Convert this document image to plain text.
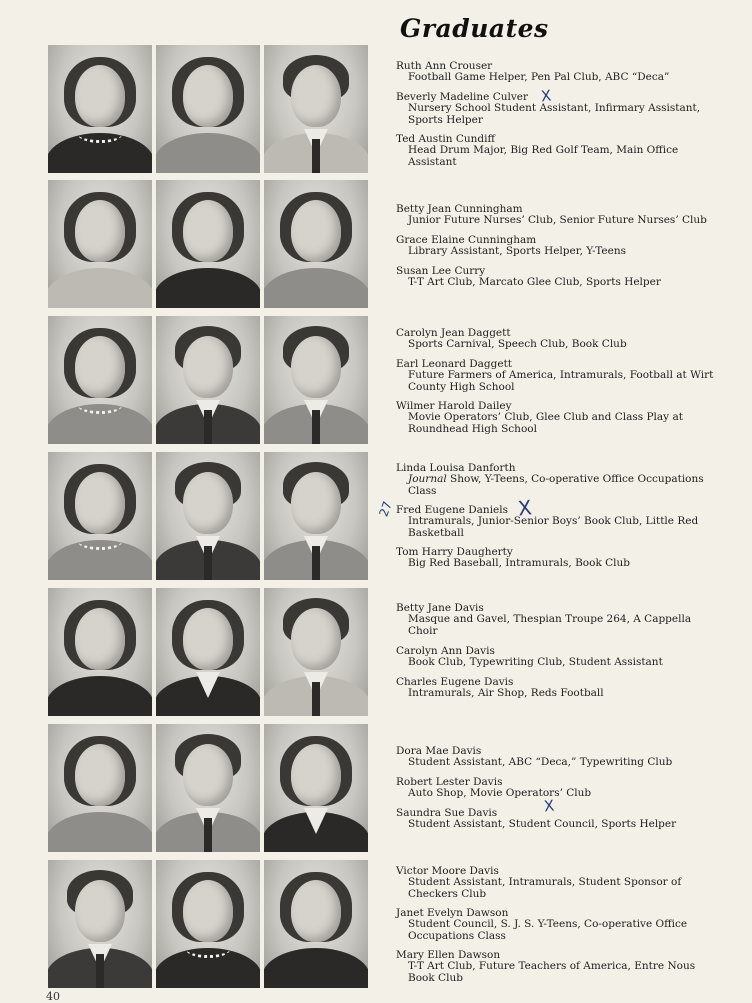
Graduates

Ruth Ann Crouser

Football Game Helper, Pen Pal Club, ABC “Deca”

Beverly Madeline Culver

Nursery School Student Assistant, Infirmary Assistant, Sports Helper

Ted Austin Cundiff

Head Drum Major, Big Red Golf Team, Main Office Assistant

Betty Jean Cunningham

Junior Future Nurses’ Club, Senior Future Nurses’ Club

Grace Elaine Cunningham

Library Assistant, Sports Helper, Y-Teens

Susan Lee Curry

T-T Art Club, Marcato Glee Club, Sports Helper

Carolyn Jean Daggett

Sports Carnival, Speech Club, Book Club

Earl Leonard Daggett

Future Farmers of America, Intramurals, Football at Wirt County High School

Wilmer Harold Dailey

Movie Operators’ Club, Glee Club and Class Play at Roundhead High School

Linda Louisa Danforth

Journal Show, Y-Teens, Co-operative Office Occupations Class

Fred Eugene Daniels

Intramurals, Junior-Senior Boys’ Book Club, Little Red Basketball

Tom Harry Daugherty

Big Red Baseball, Intramurals, Book Club

Betty Jane Davis

Masque and Gavel, Thespian Troupe 264, A Cappella Choir

Carolyn Ann Davis

Book Club, Typewriting Club, Student Assistant

Charles Eugene Davis

Intramurals, Air Shop, Reds Football

Dora Mae Davis

Student Assistant, ABC “Deca,” Typewriting Club

Robert Lester Davis

Auto Shop, Movie Operators’ Club

Saundra Sue Davis

Student Assistant, Student Council, Sports Helper

Victor Moore Davis

Student Assistant, Intramurals, Student Sponsor of Checkers Club

Janet Evelyn Dawson

Student Council, S. J. S. Y-Teens, Co-operative Office Occupations Class

Mary Ellen Dawson

T-T Art Club, Future Teachers of America, Entre Nous Book Club

X
X
X
27
40
